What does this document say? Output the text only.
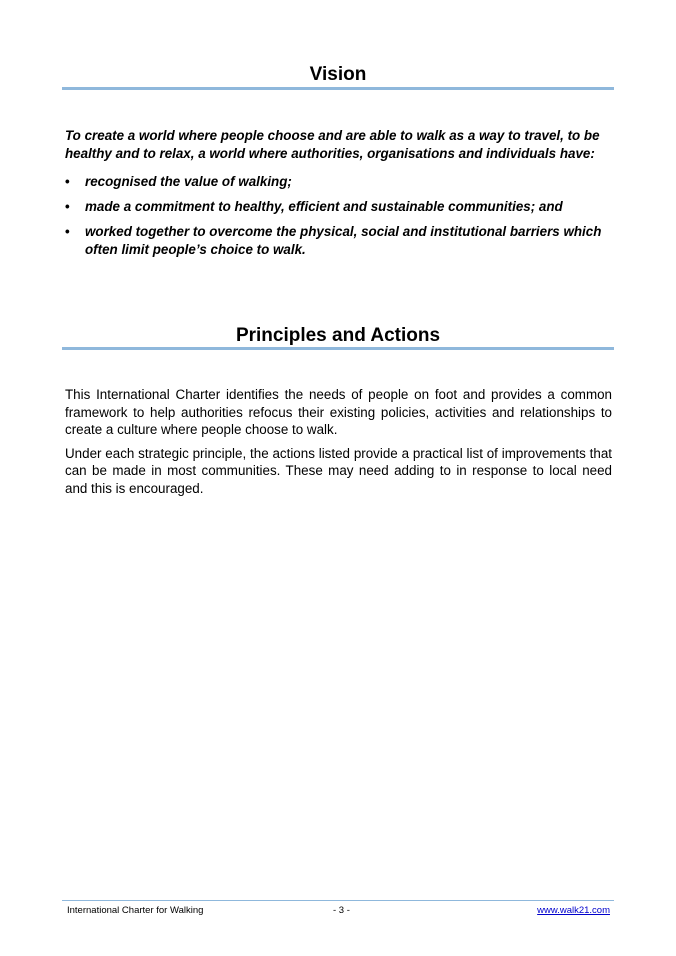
Vision

To create a world where people choose and are able to walk as a way to travel, to be healthy and to relax, a world where authorities, organisations and individuals have:

• recognised the value of walking;
• made a commitment to healthy, efficient and sustainable communities; and
• worked together to overcome the physical, social and institutional barriers which often limit people’s choice to walk.
Principles and Actions

This International Charter identifies the needs of people on foot and provides a common framework to help authorities refocus their existing policies, activities and relationships to create a culture where people choose to walk.

Under each strategic principle, the actions listed provide a practical list of improvements that can be made in most communities. These may need adding to in response to local need and this is encouraged.

International Charter for Walking	- 3 -	www.walk21.com
